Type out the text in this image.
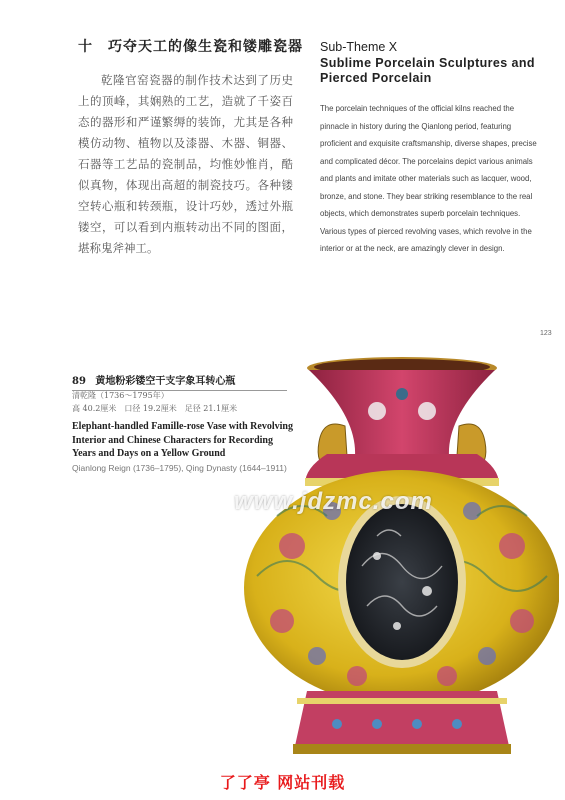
十　巧夺天工的像生瓷和镂雕瓷器
乾隆官窑瓷器的制作技术达到了历史上的顶峰，其娴熟的工艺，造就了千姿百态的器形和严谨繁缛的装饰，尤其是各种模仿动物、植物以及漆器、木器、铜器、石器等工艺品的瓷制品，均惟妙惟肖，酷似真物，体现出高超的制瓷技巧。各种镂空转心瓶和转颈瓶，设计巧妙，透过外瓶镂空，可以看到内瓶转动出不同的图面，堪称鬼斧神工。
Sub-Theme X
Sublime Porcelain Sculptures and Pierced Porcelain
The porcelain techniques of the official kilns reached the pinnacle in history during the Qianlong period, featuring proficient and exquisite craftsmanship, diverse shapes, precise and complicated décor. The porcelains depict various animals and plants and imitate other materials such as lacquer, wood, bronze, and stone. They bear striking resemblance to the real objects, which demonstrates superb porcelain techniques. Various types of pierced revolving vases, which revolve in the interior or at the neck, are amazingly clever in design.
123
89 黄地粉彩镂空干支字象耳转心瓶
清乾隆（1736～1795年）
高 40.2厘米　口径 19.2厘米　足径 21.1厘米
Elephant-handled Famille-rose Vase with Revolving Interior and Chinese Characters for Recording Years and Days on a Yellow Ground
Qianlong Reign (1736–1795), Qing Dynasty (1644–1911)
www.jdzmc.com
了了亭 网站刊载
